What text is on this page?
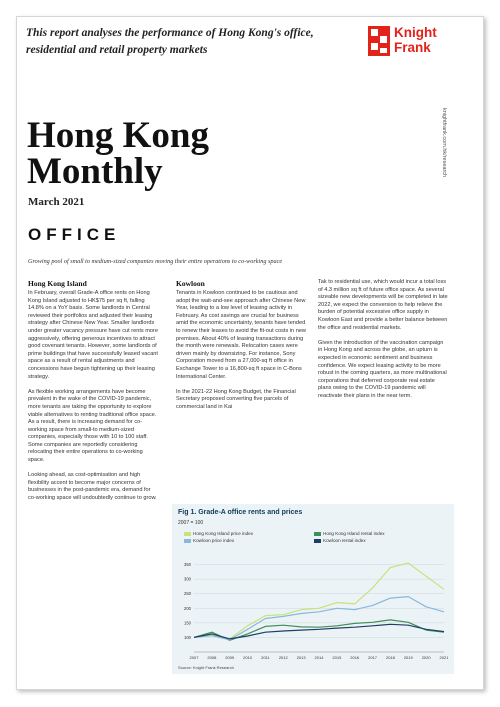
This report analyses the performance of Hong Kong's office, residential and retail property markets
Knight
Frank
knightfrank.com.hk/research
Hong Kong
Monthly
March 2021
OFFICE
Growing pool of small to medium-sized companies moving their entire operations to co-working space
Hong Kong Island

In February, overall Grade-A office rents on Hong Kong Island adjusted to HK$75 per sq ft, falling 14.8% on a YoY basis. Some landlords in Central reviewed their portfolios and adjusted their leasing strategy after Chinese New Year. Smaller landlords under greater vacancy pressure have cut rents more aggressively, offering generous incentives to attract good covenant tenants. However, some landlords of prime buildings that have successfully leased vacant space as a result of rental adjustments and concessions have begun tightening up their leasing strategy.

As flexible working arrangements have become prevalent in the wake of the COVID-19 pandemic, more tenants are taking the opportunity to explore viable alternatives to renting traditional office space. As a result, there is increasing demand for co-working space from small-to medium-sized companies, especially those with 10 to 100 staff. Some companies are reportedly considering relocating their entire operations to co-working space.

Looking ahead, as cost-optimisation and high flexibility accent to become major concerns of businesses in the post-pandemic era, demand for co-working space will undoubtedly continue to grow.

Kowloon

Tenants in Kowloon continued to be cautious and adopt the wait-and-see approach after Chinese New Year, leading to a low level of leasing activity in February. As cost savings are crucial for business amid the economic uncertainty, tenants have tended to renew their leases to avoid the fit-out costs in new premises. About 40% of leasing transactions during the month were renewals. Relocation cases were driven mainly by downsizing. For instance, Sony Corporation moved from a 27,000-sq ft office in Exchange Tower to a 16,800-sq ft space in C-Bons International Center.

In the 2021-22 Hong Kong Budget, the Financial Secretary proposed converting five parcels of commercial land in Kai

Tak to residential use, which would incur a total loss of 4.3 million sq ft of future office space. As several sizeable new developments will be completed in late 2022, we expect the conversion to help relieve the burden of potential excessive office supply in Kowloon East and provide a better balance between the office and residential markets.

Given the introduction of the vaccination campaign in Hong Kong and across the globe, an upturn is expected in economic sentiment and business confidence. We expect leasing activity to be more robust in the coming quarters, as more multinational corporations that deferred corporate real estate plans owing to the COVID-19 pandemic will reactivate their plans in the near term.

Fig 1. Grade-A office rents and prices
2007 = 100
Hong Kong Island price index	Hong Kong Island rental index
Kowloon price index	Kowloon rental index
100
150
200
250
300
350
2007 2008 2009 2010 2011 2012 2013 2014 2015 2016 2017 2018 2019 2020 2021
Source: Knight Frank Research
